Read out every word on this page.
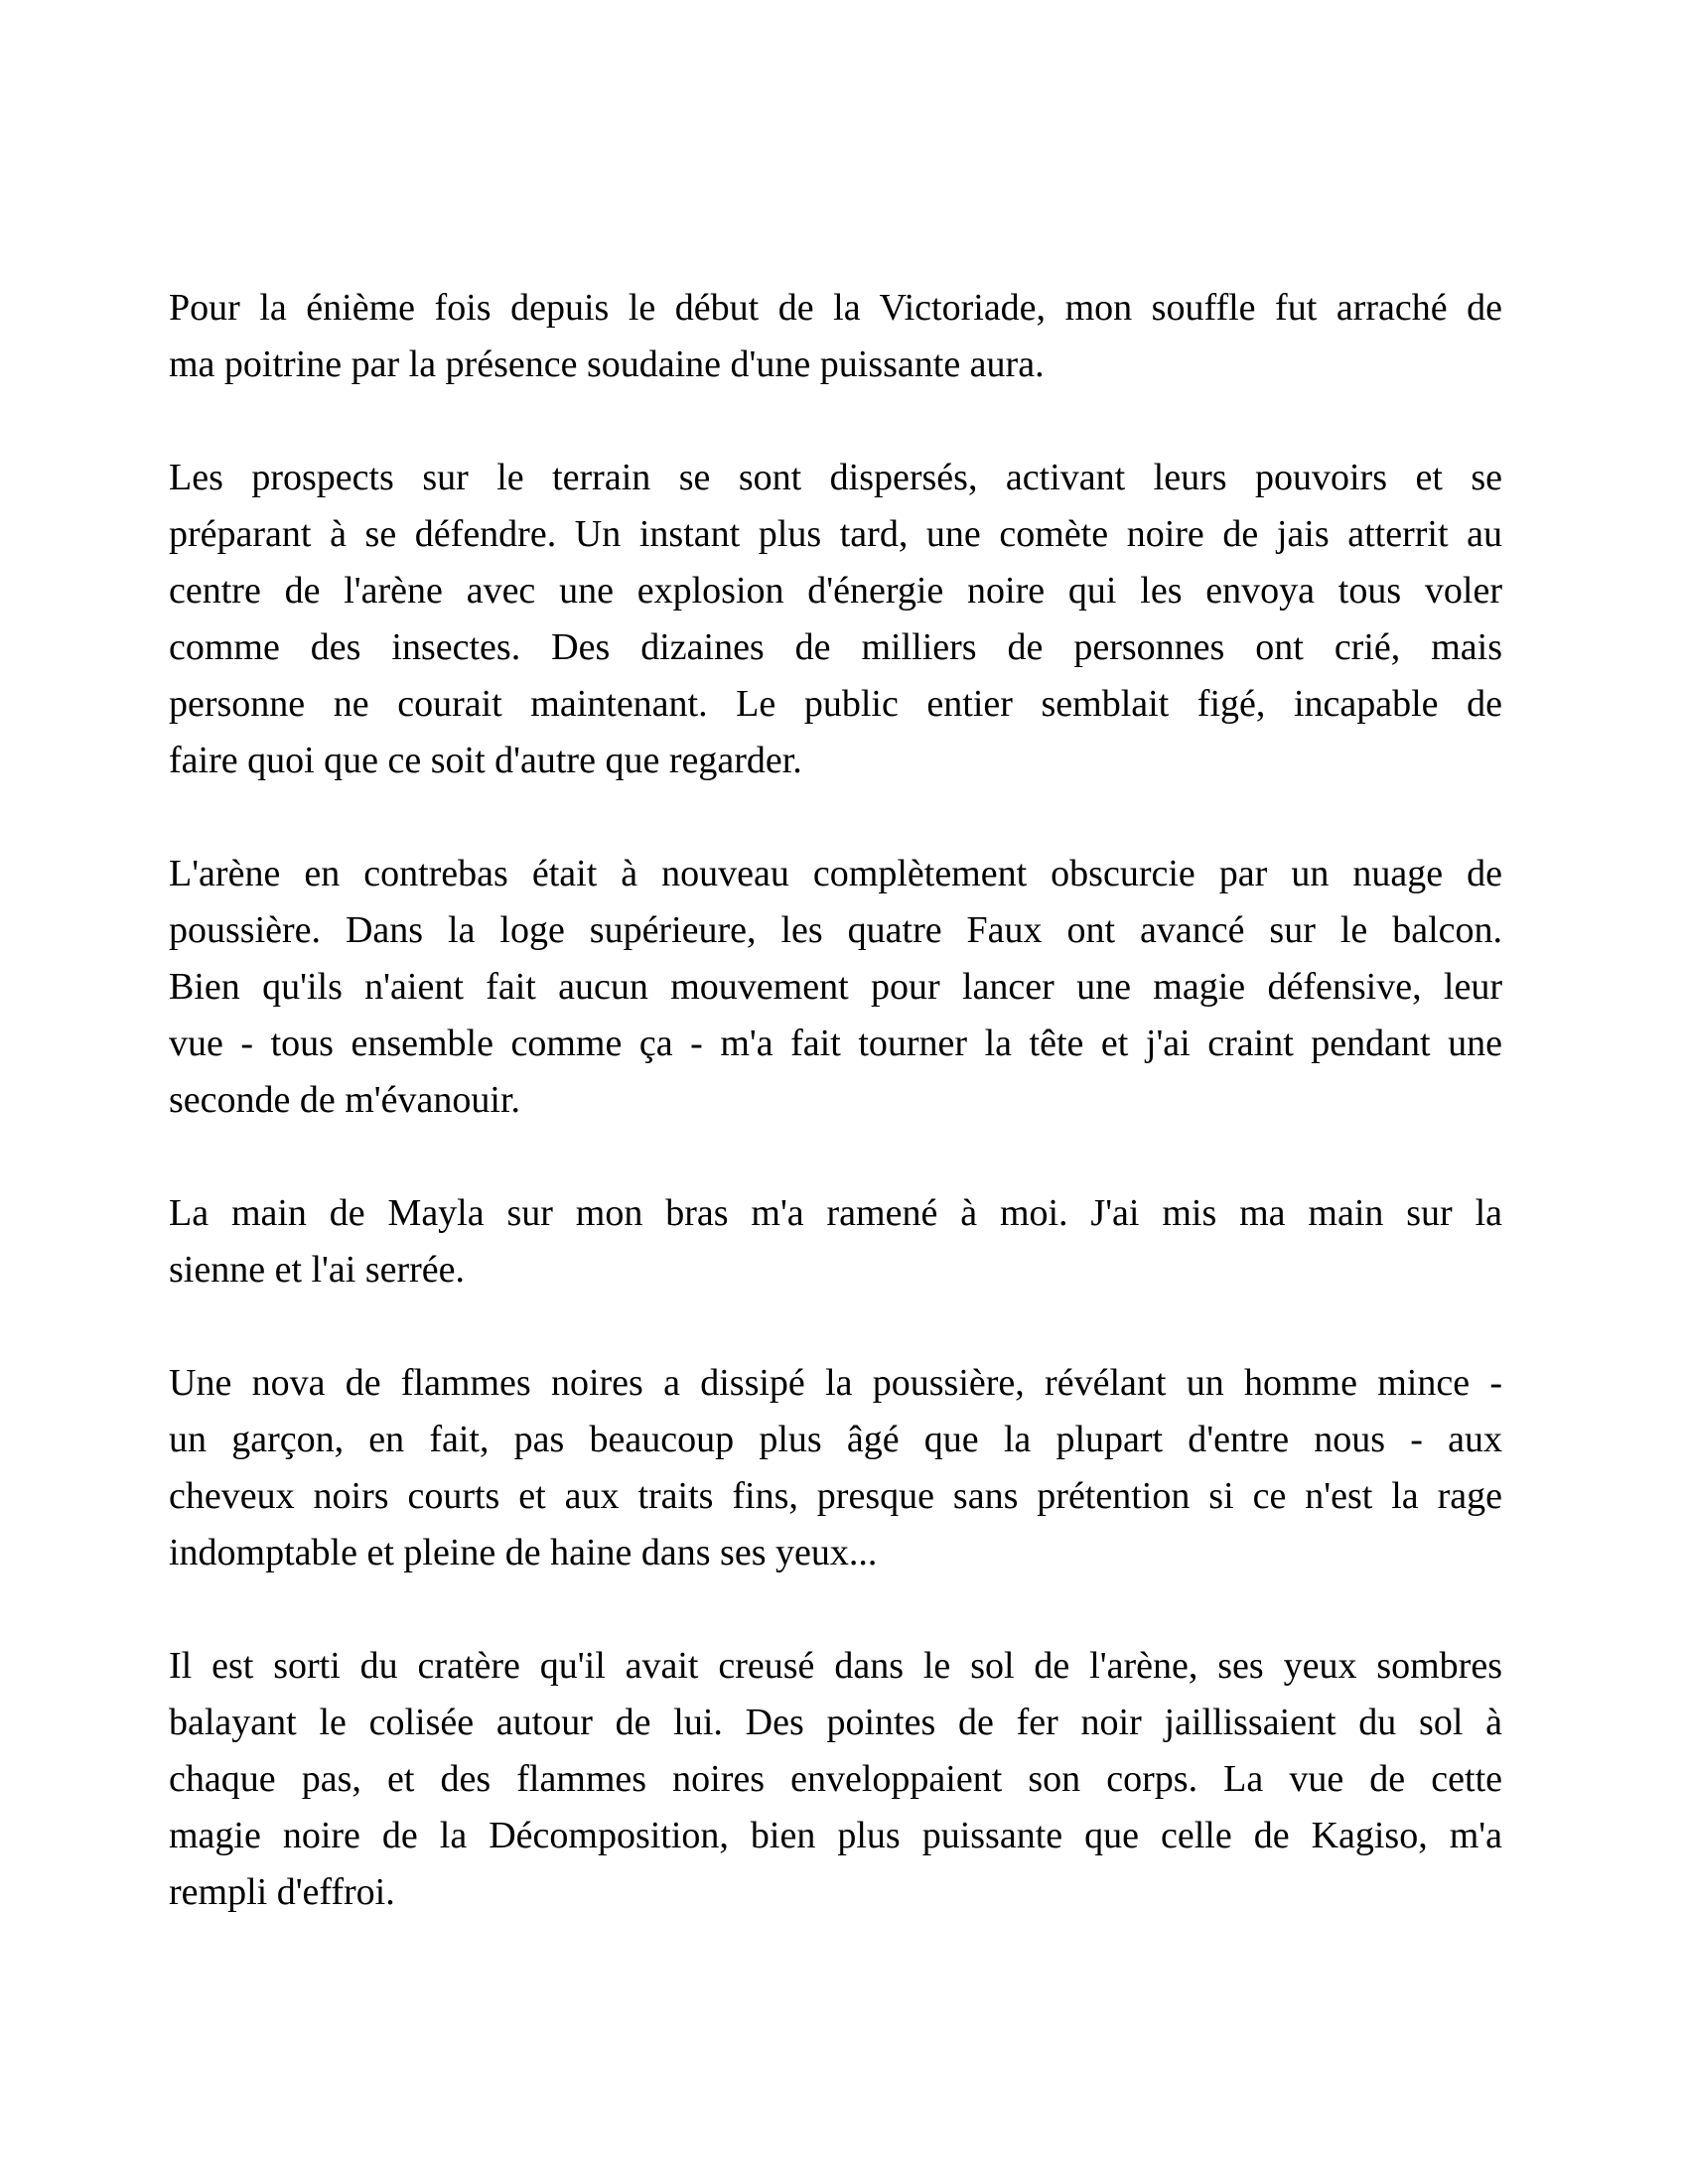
Pour la énième fois depuis le début de la Victoriade, mon souffle fut arraché de
ma poitrine par la présence soudaine d'une puissante aura.

Les prospects sur le terrain se sont dispersés, activant leurs pouvoirs et se
préparant à se défendre. Un instant plus tard, une comète noire de jais atterrit au
centre de l'arène avec une explosion d'énergie noire qui les envoya tous voler
comme des insectes. Des dizaines de milliers de personnes ont crié, mais
personne ne courait maintenant. Le public entier semblait figé, incapable de
faire quoi que ce soit d'autre que regarder.

L'arène en contrebas était à nouveau complètement obscurcie par un nuage de
poussière. Dans la loge supérieure, les quatre Faux ont avancé sur le balcon.
Bien qu'ils n'aient fait aucun mouvement pour lancer une magie défensive, leur
vue - tous ensemble comme ça - m'a fait tourner la tête et j'ai craint pendant une
seconde de m'évanouir.

La main de Mayla sur mon bras m'a ramené à moi. J'ai mis ma main sur la
sienne et l'ai serrée.

Une nova de flammes noires a dissipé la poussière, révélant un homme mince -
un garçon, en fait, pas beaucoup plus âgé que la plupart d'entre nous - aux
cheveux noirs courts et aux traits fins, presque sans prétention si ce n'est la rage
indomptable et pleine de haine dans ses yeux...

Il est sorti du cratère qu'il avait creusé dans le sol de l'arène, ses yeux sombres
balayant le colisée autour de lui. Des pointes de fer noir jaillissaient du sol à
chaque pas, et des flammes noires enveloppaient son corps. La vue de cette
magie noire de la Décomposition, bien plus puissante que celle de Kagiso, m'a
rempli d'effroi.
